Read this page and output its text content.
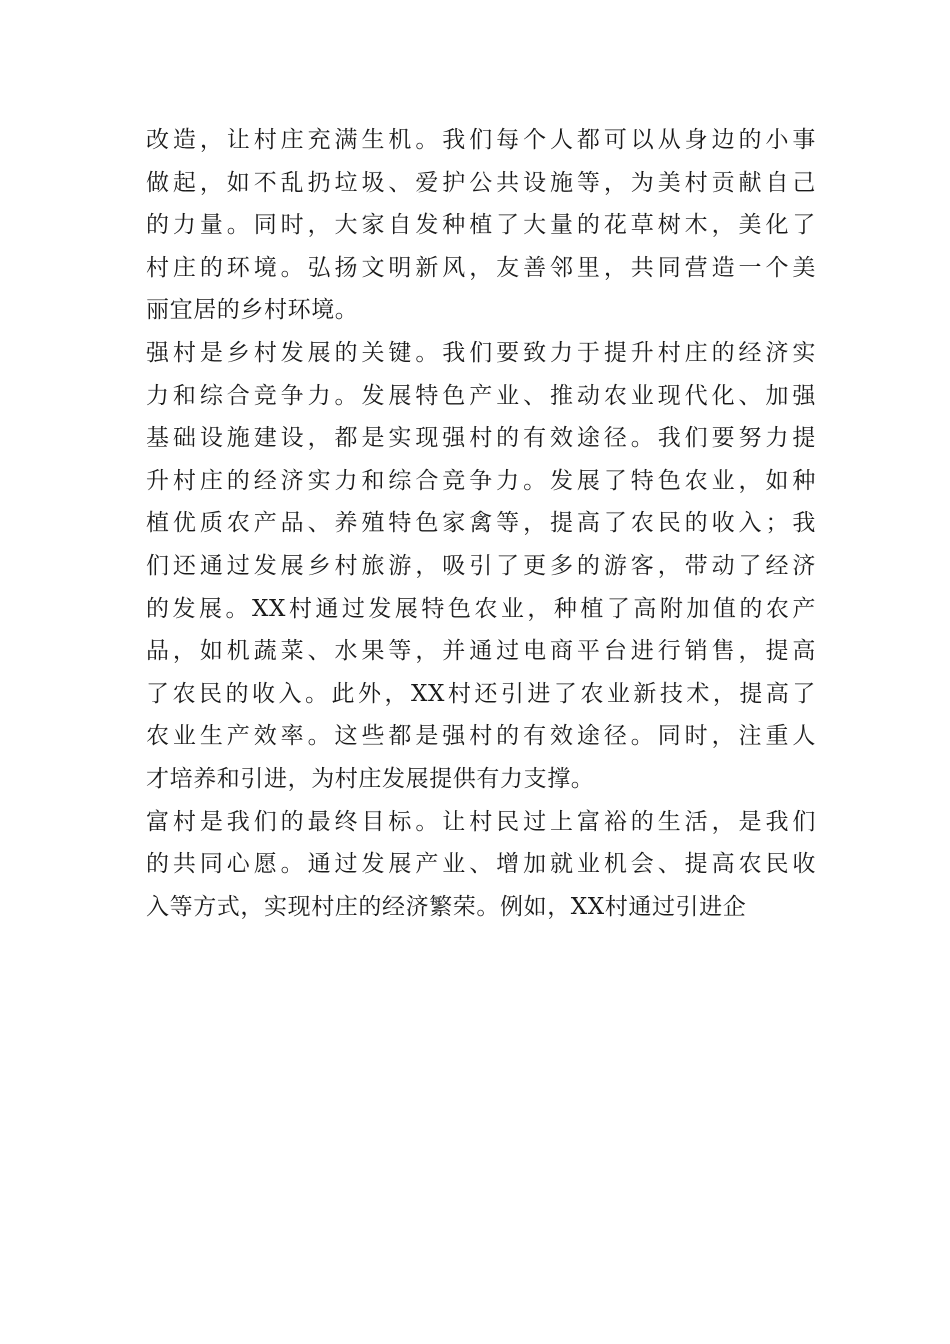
改造，让村庄充满生机。我们每个人都可以从身边的小事
做起，如不乱扔垃圾、爱护公共设施等，为美村贡献自己
的力量。同时，大家自发种植了大量的花草树木，美化了
村庄的环境。弘扬文明新风，友善邻里，共同营造一个美
丽宜居的乡村环境。
强村是乡村发展的关键。我们要致力于提升村庄的经济实
力和综合竞争力。发展特色产业、推动农业现代化、加强
基础设施建设，都是实现强村的有效途径。我们要努力提
升村庄的经济实力和综合竞争力。发展了特色农业，如种
植优质农产品、养殖特色家禽等，提高了农民的收入；我
们还通过发展乡村旅游，吸引了更多的游客，带动了经济
的发展。XX村通过发展特色农业，种植了高附加值的农产
品，如机蔬菜、水果等，并通过电商平台进行销售，提高
了农民的收入。此外，XX村还引进了农业新技术，提高了
农业生产效率。这些都是强村的有效途径。同时，注重人
才培养和引进，为村庄发展提供有力支撑。
富村是我们的最终目标。让村民过上富裕的生活，是我们
的共同心愿。通过发展产业、增加就业机会、提高农民收
入等方式，实现村庄的经济繁荣。例如，XX村通过引进企
